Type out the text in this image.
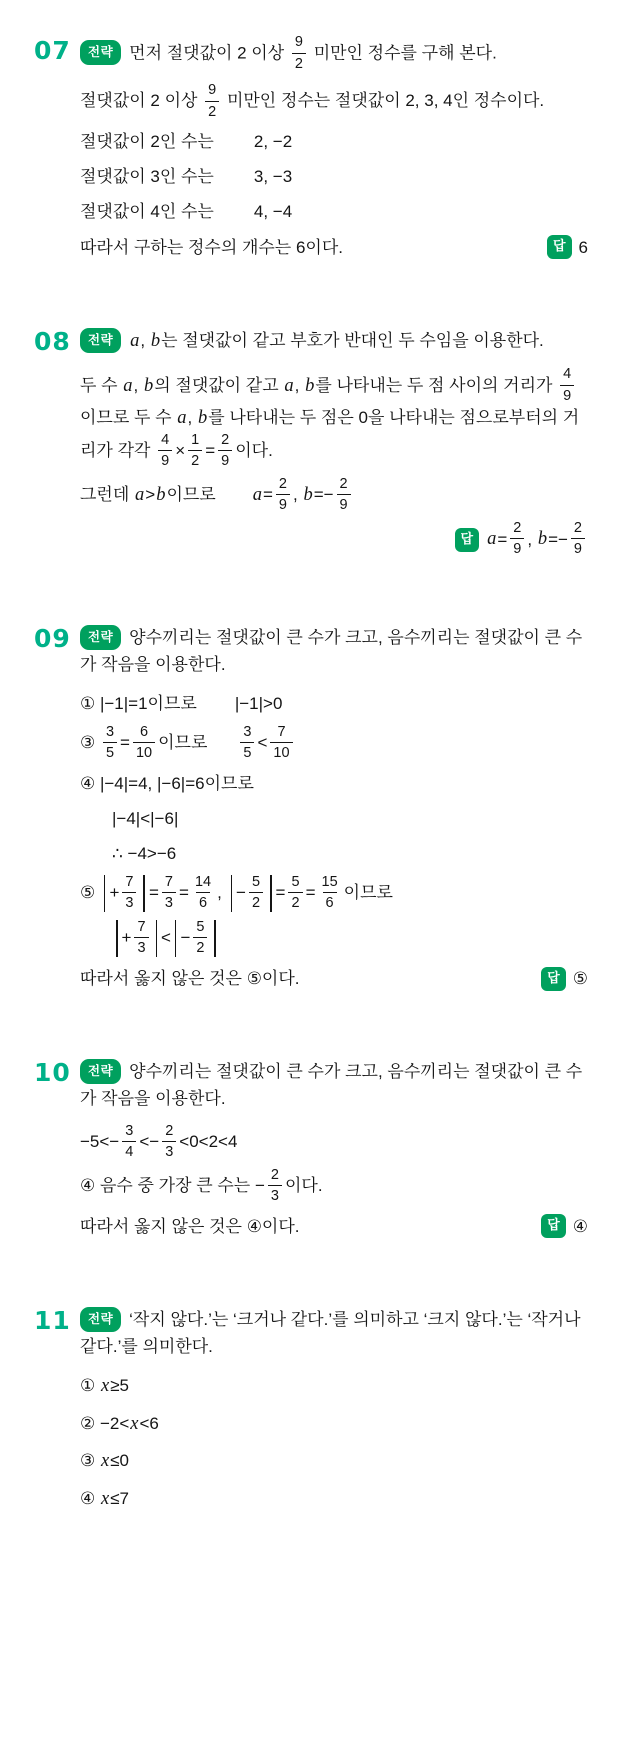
07	전략 먼저 절댓값이 2 이상 $\frac{9}{2}$ 미만인 정수를 구해 본다.
절댓값이 2 이상 $\frac{9}{2}$ 미만인 정수는 절댓값이 2, 3, 4인 정수이다.
절댓값이 2인 수는 2, −2
절댓값이 3인 수는 3, −3
절댓값이 4인 수는 4, −4
따라서 구하는 정수의 개수는 6이다.	답 6
08	전략 a, b는 절댓값이 같고 부호가 반대인 두 수임을 이용한다.
두 수 a, b의 절댓값이 같고 a, b를 나타내는 두 점 사이의 거리가 $\frac{4}{9}$
이므로 두 수 a, b를 나타내는 두 점은 0을 나타내는 점으로부터의 거리가 각각 $\frac{4}{9} \times \frac{1}{2} = \frac{2}{9}$ 이다.
그런데 a>b이므로 $a= \frac{2}{9}$ , $b=- \frac{2}{9}$
답 $a = \frac{2}{9}$ , $b =- \frac{2}{9}$
09	전략 양수끼리는 절댓값이 큰 수가 크고, 음수끼리는 절댓값이 큰 수가 작음을 이용한다.
① |−1|=1이므로 |−1|>0
③ $\frac{3}{5} = \frac{6}{10}$ 이므로 $\frac{3}{5} < \frac{7}{10}$
④ |−4|=4, |−6|=6이므로
|−4|<|−6|
∴ −4>−6
⑤ + $\frac{7}{3} = \frac{7}{3} = \frac{14}{6}$ , − $\frac{5}{2} = \frac{5}{2} = \frac{15}{6}$ 이므로
+ $\frac{7}{3}$ < − $\frac{5}{2}$
따라서 옳지 않은 것은 ⑤이다.	답 ⑤
10	전략 양수끼리는 절댓값이 큰 수가 크고, 음수끼리는 절댓값이 큰 수가 작음을 이용한다.
$-5<- \frac{3}{4} <- \frac{2}{3} <0<2<4$
④ 음수 중 가장 큰 수는 − $\frac{2}{3}$ 이다.
따라서 옳지 않은 것은 ④이다.	답 ④
11	전략 ‘작지 않다.’는 ‘크거나 같다.’를 의미하고 ‘크지 않다.’는 ‘작거나 같다.’를 의미한다.
① x≥5
② −2<x<6
③ x≤0
④ x≤7
